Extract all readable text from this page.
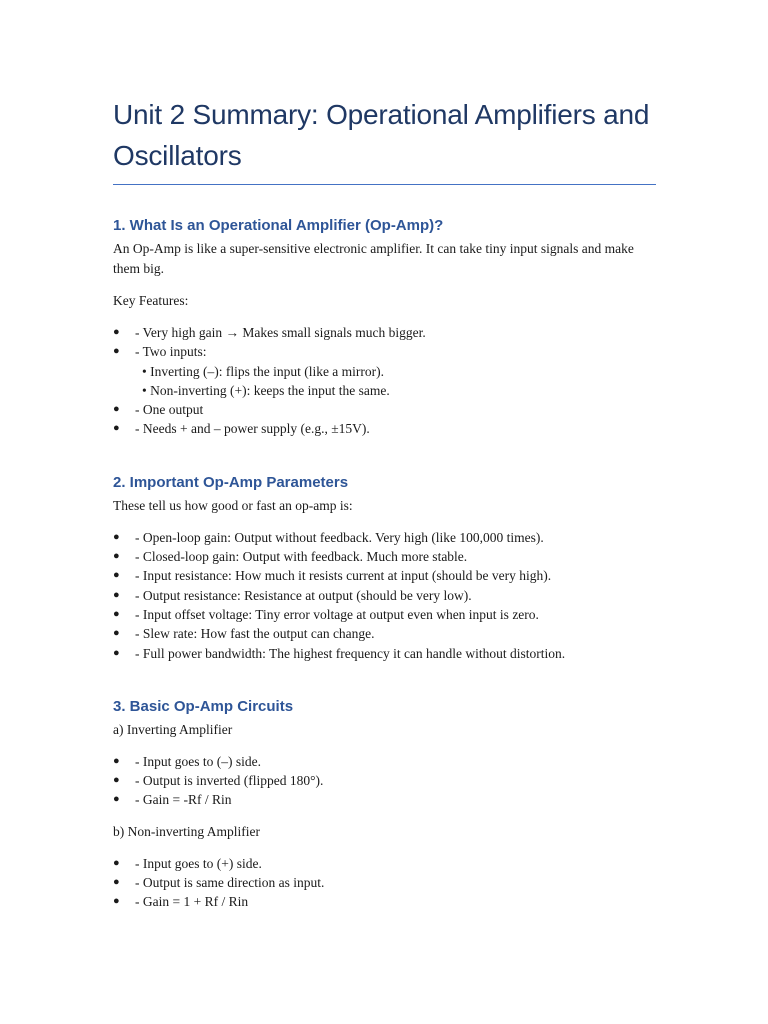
Unit 2 Summary: Operational Amplifiers and Oscillators
1. What Is an Operational Amplifier (Op-Amp)?

An Op-Amp is like a super-sensitive electronic amplifier. It can take tiny input signals and make them big.

Key Features:

● - Very high gain → Makes small signals much bigger.
● - Two inputs:
• Inverting (–): flips the input (like a mirror).
• Non-inverting (+): keeps the input the same.
● - One output
● - Needs + and – power supply (e.g., ±15V).
2. Important Op-Amp Parameters

These tell us how good or fast an op-amp is:

● - Open-loop gain: Output without feedback. Very high (like 100,000 times).
● - Closed-loop gain: Output with feedback. Much more stable.
● - Input resistance: How much it resists current at input (should be very high).
● - Output resistance: Resistance at output (should be very low).
● - Input offset voltage: Tiny error voltage at output even when input is zero.
● - Slew rate: How fast the output can change.
● - Full power bandwidth: The highest frequency it can handle without distortion.
3. Basic Op-Amp Circuits

a) Inverting Amplifier

● - Input goes to (–) side.
● - Output is inverted (flipped 180°).
● - Gain = -Rf / Rin

b) Non-inverting Amplifier

● - Input goes to (+) side.
● - Output is same direction as input.
● - Gain = 1 + Rf / Rin
